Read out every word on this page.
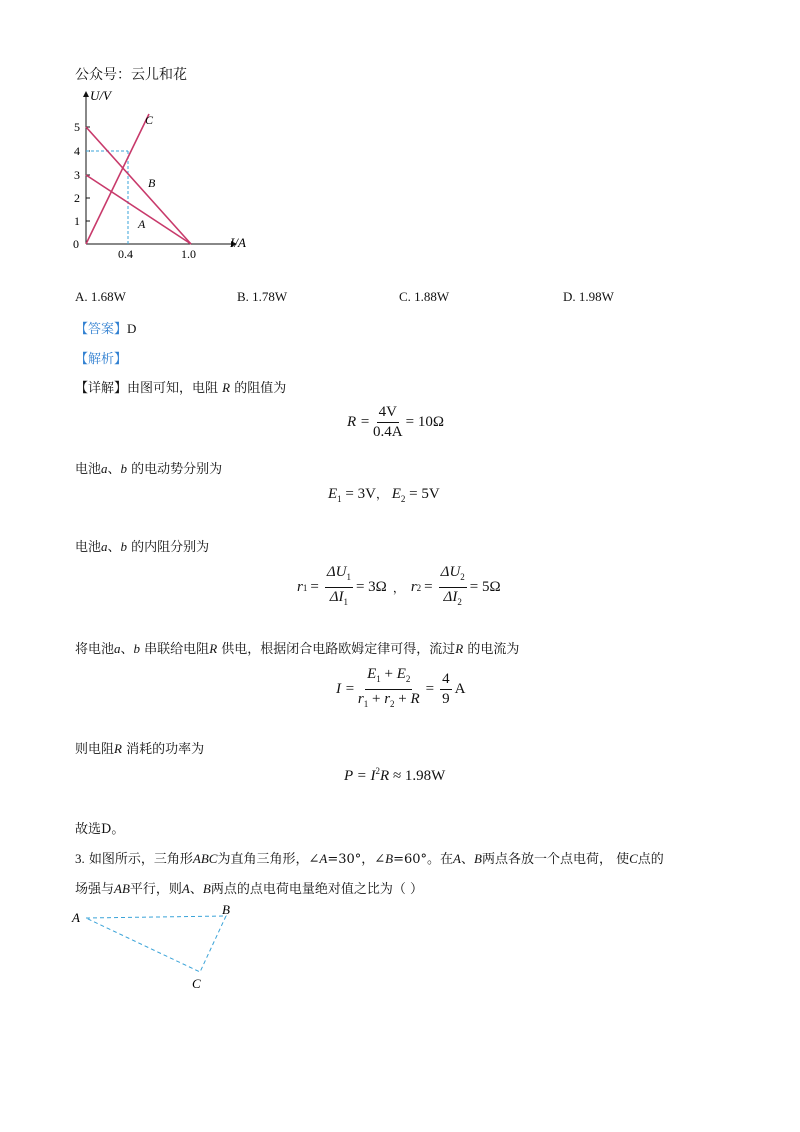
公众号：云儿和花
U/V
I/A
0
1
2
3
4
5
0.4	1.0
A
B
C
A. 1.68W	B. 1.78W	C. 1.88W	D. 1.98W
【答案】D
【解析】
【详解】由图可知，电阻 R 的阻值为
$R = \frac{4V}{0.4A} = 10\Omega$
电池a、b 的电动势分别为
$E_1 = 3V$， $E_2 = 5V$
电池a、b 的内阻分别为
r $1 = \frac{\Delta U_1}{\Delta I_1} = 3\Omega$ ， r $2 = \frac{\Delta U_2}{\Delta I_2} = 5\Omega$
将电池a、b 串联给电阻R 供电，根据闭合电路欧姆定律可得，流过R 的电流为
$I = \frac{E_1 + E_2}{r_1 + r_2 + R} = \frac{4}{9}$ A
则电阻R 消耗的功率为
$P = I^2R \approx 1.98W$
故选D。
3. 如图所示，三角形ABC为直角三角形，∠A=30°，∠B=60°。在A、B两点各放一个点电荷， 使C点的
场强与AB平行，则A、B两点的点电荷电量绝对值之比为（ ）
A
B
C
